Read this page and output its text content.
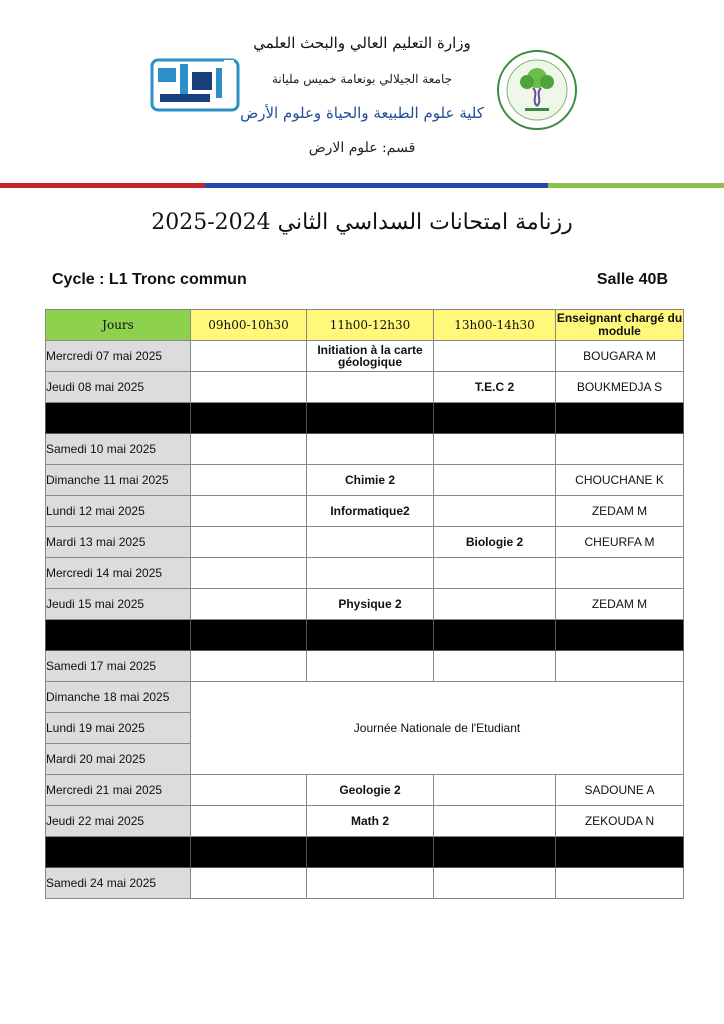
وزارة التعليم العالي والبحث العلمي
جامعة الجيلالي بونعامة خميس مليانة
كلية علوم الطبيعة والحياة وعلوم الأرض
قسم: علوم الارض
رزنامة امتحانات السداسي الثاني 2024-2025
Cycle : L1 Tronc commun	Salle 40B
Jours	09h00-10h30	11h00-12h30	13h00-14h30	Enseignant chargé du module
Mercredi 07 mai 2025		Initiation à la carte géologique		BOUGARA M
Jeudi 08 mai 2025			T.E.C 2	BOUKMEDJA S

Samedi 10 mai 2025				
Dimanche 11 mai 2025		Chimie 2		CHOUCHANE K
Lundi 12 mai 2025		Informatique2		ZEDAM M
Mardi 13 mai 2025			Biologie 2	CHEURFA M
Mercredi 14 mai 2025				
Jeudi 15 mai 2025		Physique 2		ZEDAM M

Samedi 17 mai 2025				
Dimanche 18 mai 2025	Journée Nationale de l'Etudiant			
Lundi 19 mai 2025				
Mardi 20 mai 2025				
Mercredi 21 mai 2025		Geologie 2		SADOUNE A
Jeudi 22 mai 2025		Math 2		ZEKOUDA N

Samedi 24 mai 2025				
